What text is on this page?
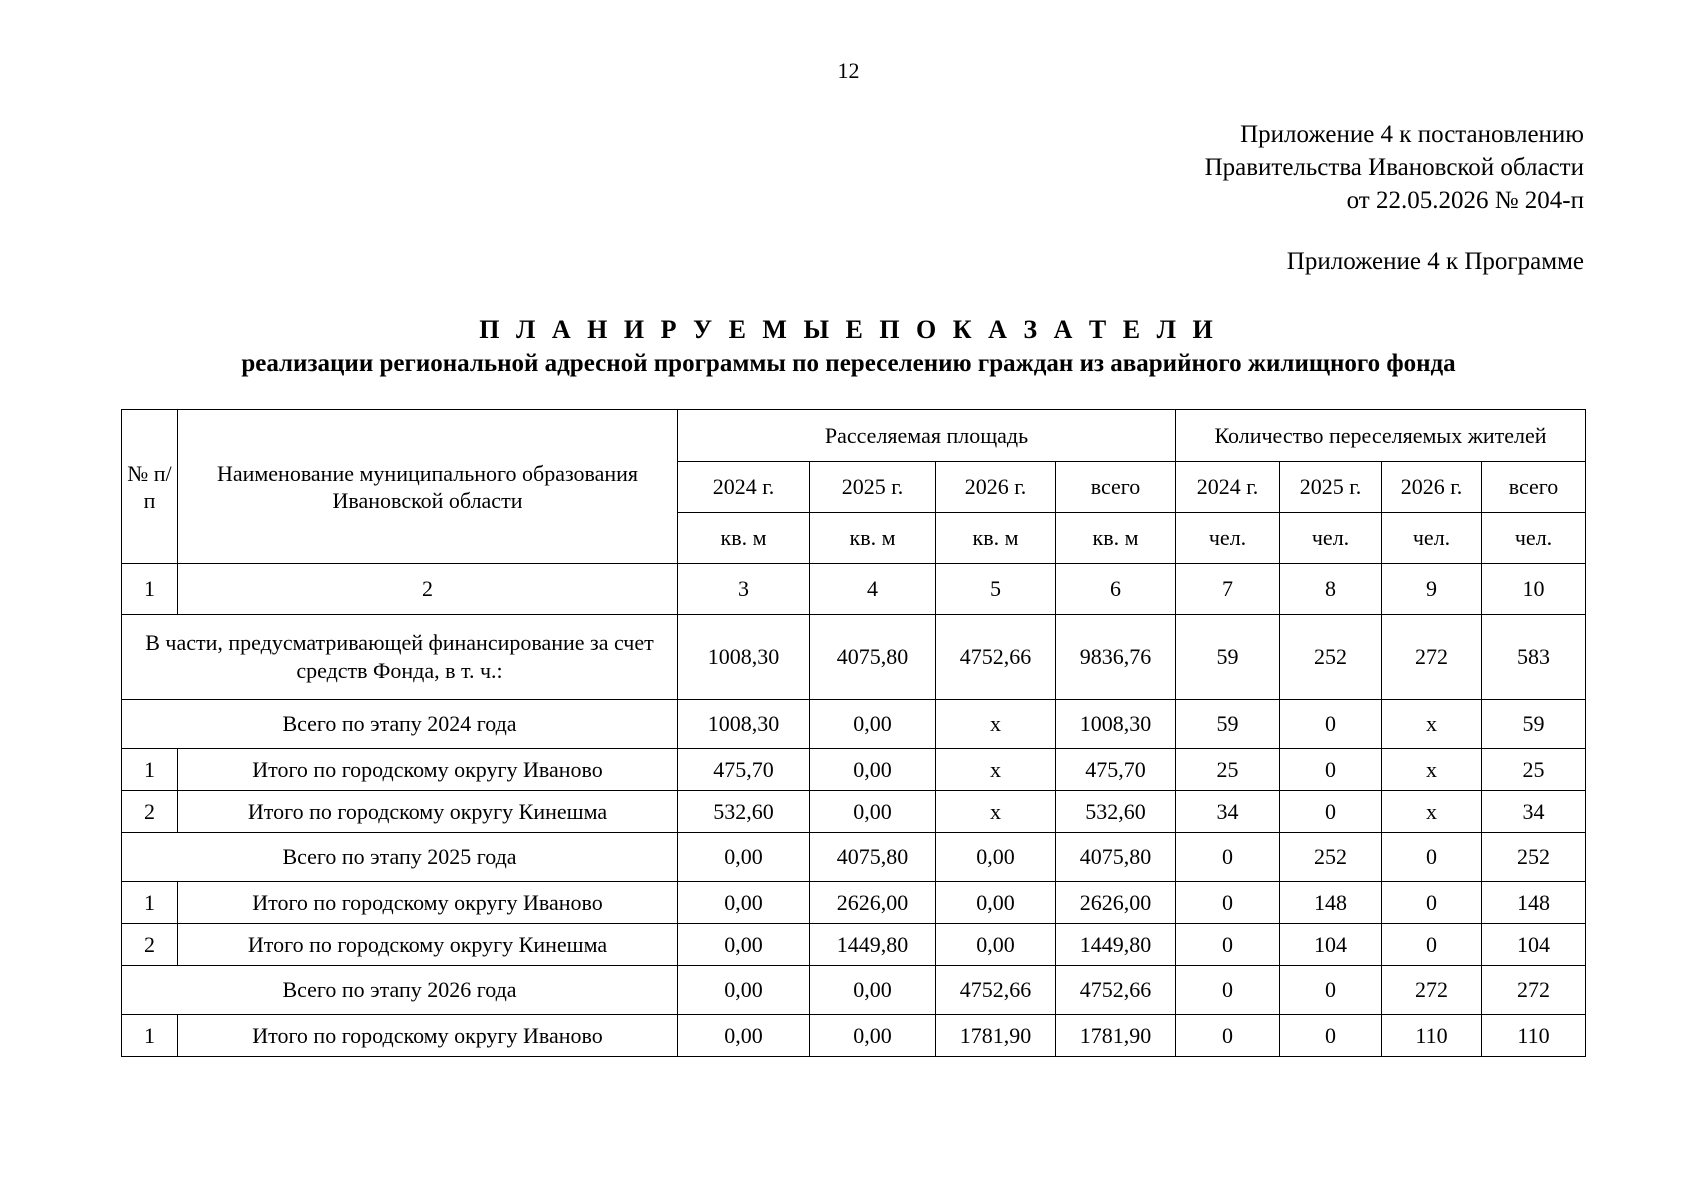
12
Приложение 4 к постановлению
Правительства Ивановской области
от 22.05.2026 № 204-п
Приложение 4 к Программе
П Л А Н И Р У Е М Ы Е П О К А З А Т Е Л И
реализации региональной адресной программы по переселению граждан из аварийного жилищного фонда
№ п/п	Наименование муниципального образования Ивановской области	Расселяемая площадь				Количество переселяемых жителей			
		2024 г.	2025 г.	2026 г.	всего	2024 г.	2025 г.	2026 г.	всего
		кв. м	кв. м	кв. м	кв. м	чел.	чел.	чел.	чел.
1	2	3	4	5	6	7	8	9	10
В части, предусматривающей финансирование за счет средств Фонда, в т. ч.:		1008,30	4075,80	4752,66	9836,76	59	252	272	583
Всего по этапу 2024 года		1008,30	0,00	x	1008,30	59	0	x	59
1	Итого по городскому округу Иваново	475,70	0,00	x	475,70	25	0	x	25
2	Итого по городскому округу Кинешма	532,60	0,00	x	532,60	34	0	x	34
Всего по этапу 2025 года		0,00	4075,80	0,00	4075,80	0	252	0	252
1	Итого по городскому округу Иваново	0,00	2626,00	0,00	2626,00	0	148	0	148
2	Итого по городскому округу Кинешма	0,00	1449,80	0,00	1449,80	0	104	0	104
Всего по этапу 2026 года		0,00	0,00	4752,66	4752,66	0	0	272	272
1	Итого по городскому округу Иваново	0,00	0,00	1781,90	1781,90	0	0	110	110
